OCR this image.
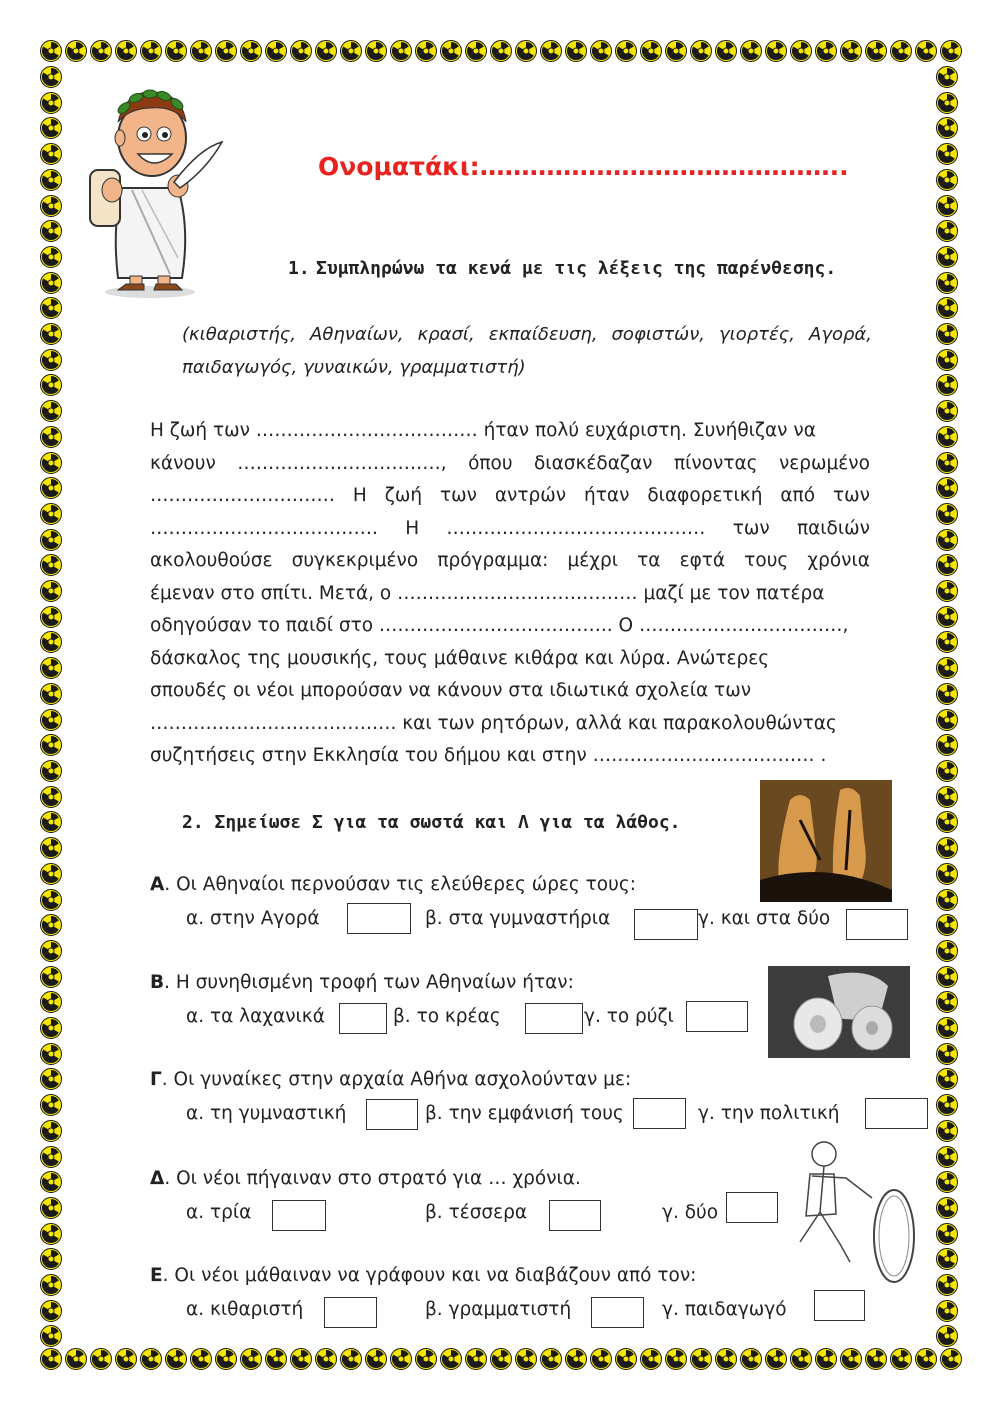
Ονοματάκι:……………………………………..
1. Συμπληρώνω τα κενά με τις λέξεις της παρένθεσης.
(κιθαριστής, Αθηναίων, κρασί, εκπαίδευση, σοφιστών, γιορτές, Αγορά, παιδαγωγός, γυναικών, γραμματιστή)
Η ζωή των ……………………………… ήταν πολύ ευχάριστη. Συνήθιζαν να
κάνουν ……………………………, όπου διασκέδαζαν πίνοντας νερωμένο
………………………… Η ζωή των αντρών ήταν διαφορετική από των
………………………………. Η …………………………………… των παιδιών
ακολουθούσε συγκεκριμένο πρόγραμμα: μέχρι τα εφτά τους χρόνια
έμεναν στο σπίτι. Μετά, ο ………………………………… μαζί με τον πατέρα
οδηγούσαν το παιδί στο ……………………………….. Ο ……………………………,
δάσκαλος της μουσικής, τους μάθαινε κιθάρα και λύρα. Ανώτερες
σπουδές οι νέοι μπορούσαν να κάνουν στα ιδιωτικά σχολεία των
…………………………………. και των ρητόρων, αλλά και παρακολουθώντας
συζητήσεις στην Εκκλησία του δήμου και στην ……………………………… .
2. Σημείωσε Σ για τα σωστά και Λ για τα λάθος.
Α. Οι Αθηναίοι περνούσαν τις ελεύθερες ώρες τους:
α. στην Αγορά	β. στα γυμναστήρια	γ. και στα δύο
Β. Η συνηθισμένη τροφή των Αθηναίων ήταν:
α. τα λαχανικά	β. το κρέας	γ. το ρύζι
Γ. Οι γυναίκες στην αρχαία Αθήνα ασχολούνταν με:
α. τη γυμναστική	β. την εμφάνισή τους	γ. την πολιτική
Δ. Οι νέοι πήγαιναν στο στρατό για … χρόνια.
α. τρία	β. τέσσερα	γ. δύο
Ε. Οι νέοι μάθαιναν να γράφουν και να διαβάζουν από τον:
α. κιθαριστή	β. γραμματιστή	γ. παιδαγωγό
